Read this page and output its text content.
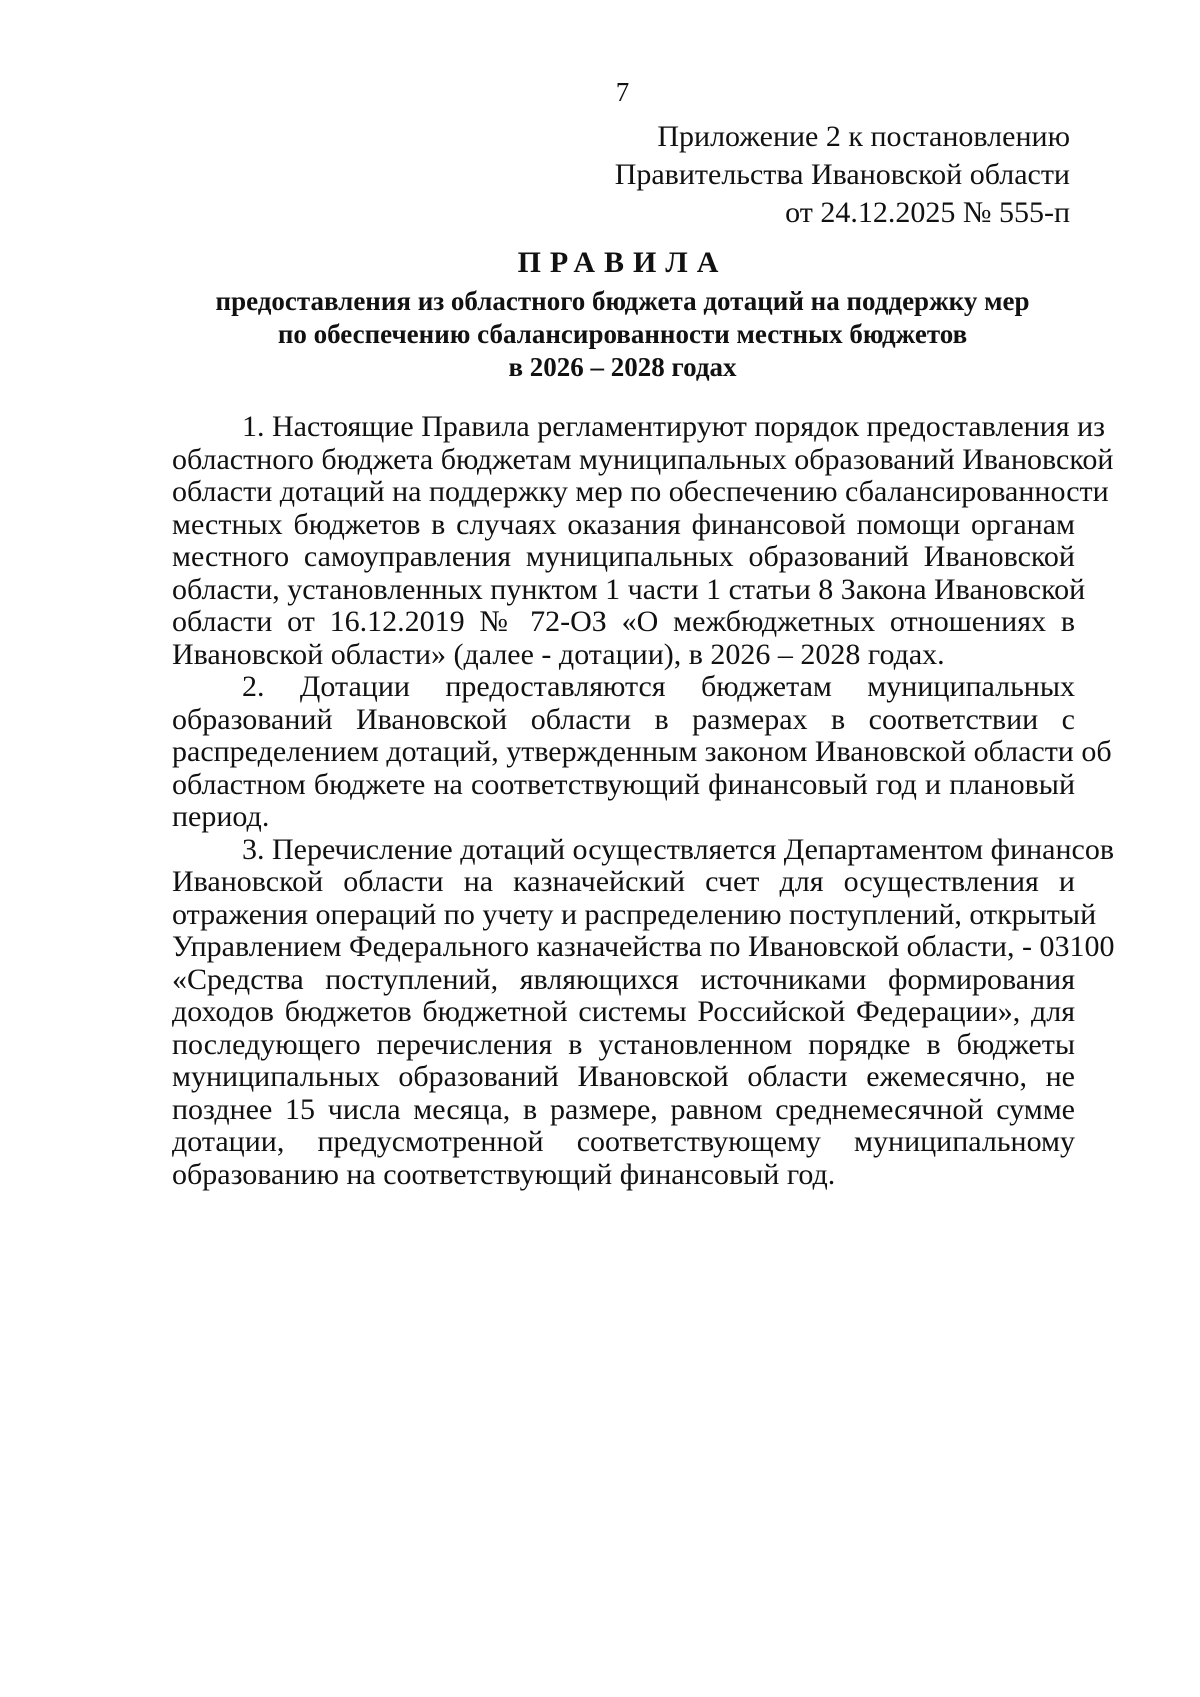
7
Приложение 2 к постановлению
Правительства Ивановской области
от 24.12.2025 № 555-п
ПРАВИЛА
предоставления из областного бюджета дотаций на поддержку мер
по обеспечению сбалансированности местных бюджетов
в 2026 – 2028 годах
1. Настоящие Правила регламентируют порядок предоставления из
областного бюджета бюджетам муниципальных образований Ивановской
области дотаций на поддержку мер по обеспечению сбалансированности
местных бюджетов в случаях оказания финансовой помощи органам
местного самоуправления муниципальных образований Ивановской
области, установленных пунктом 1 части 1 статьи 8 Закона Ивановской
области от 16.12.2019 № 72-ОЗ «О межбюджетных отношениях в
Ивановской области» (далее - дотации), в 2026 – 2028 годах.
2. Дотации предоставляются бюджетам муниципальных
образований Ивановской области в размерах в соответствии с
распределением дотаций, утвержденным законом Ивановской области об
областном бюджете на соответствующий финансовый год и плановый
период.
3. Перечисление дотаций осуществляется Департаментом финансов
Ивановской области на казначейский счет для осуществления и
отражения операций по учету и распределению поступлений, открытый
Управлением Федерального казначейства по Ивановской области, - 03100
«Средства поступлений, являющихся источниками формирования
доходов бюджетов бюджетной системы Российской Федерации», для
последующего перечисления в установленном порядке в бюджеты
муниципальных образований Ивановской области ежемесячно, не
позднее 15 числа месяца, в размере, равном среднемесячной сумме
дотации, предусмотренной соответствующему муниципальному
образованию на соответствующий финансовый год.
